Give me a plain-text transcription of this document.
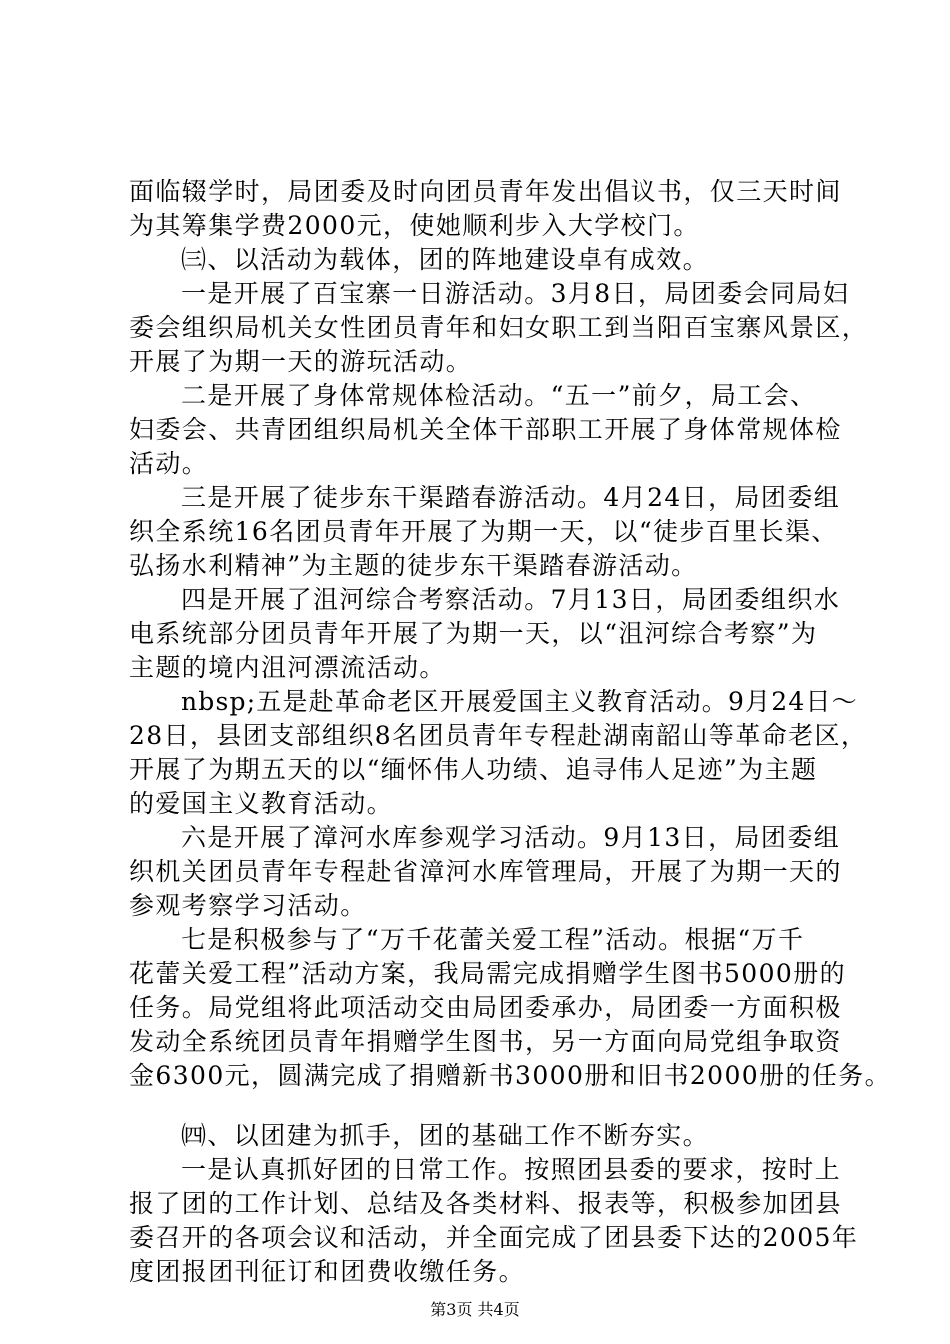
面临辍学时，局团委及时向团员青年发出倡议书，仅三天时间
为其筹集学费2000元，使她顺利步入大学校门。
㈢、以活动为载体，团的阵地建设卓有成效。
一是开展了百宝寨一日游活动。3月8日，局团委会同局妇
委会组织局机关女性团员青年和妇女职工到当阳百宝寨风景区，
开展了为期一天的游玩活动。
二是开展了身体常规体检活动。“五一”前夕，局工会、
妇委会、共青团组织局机关全体干部职工开展了身体常规体检
活动。
三是开展了徒步东干渠踏春游活动。4月24日，局团委组
织全系统16名团员青年开展了为期一天，以“徒步百里长渠、
弘扬水利精神”为主题的徒步东干渠踏春游活动。
四是开展了沮河综合考察活动。7月13日，局团委组织水
电系统部分团员青年开展了为期一天，以“沮河综合考察”为
主题的境内沮河漂流活动。
nbsp;五是赴革命老区开展爱国主义教育活动。9月24日～
28日，县团支部组织8名团员青年专程赴湖南韶山等革命老区，
开展了为期五天的以“缅怀伟人功绩、追寻伟人足迹”为主题
的爱国主义教育活动。
六是开展了漳河水库参观学习活动。9月13日，局团委组
织机关团员青年专程赴省漳河水库管理局，开展了为期一天的
参观考察学习活动。
七是积极参与了“万千花蕾关爱工程”活动。根据“万千
花蕾关爱工程”活动方案，我局需完成捐赠学生图书5000册的
任务。局党组将此项活动交由局团委承办，局团委一方面积极
发动全系统团员青年捐赠学生图书，另一方面向局党组争取资
金6300元，圆满完成了捐赠新书3000册和旧书2000册的任务。
㈣、以团建为抓手，团的基础工作不断夯实。
一是认真抓好团的日常工作。按照团县委的要求，按时上
报了团的工作计划、总结及各类材料、报表等，积极参加团县
委召开的各项会议和活动，并全面完成了团县委下达的2005年
度团报团刊征订和团费收缴任务。
第3页 共4页
